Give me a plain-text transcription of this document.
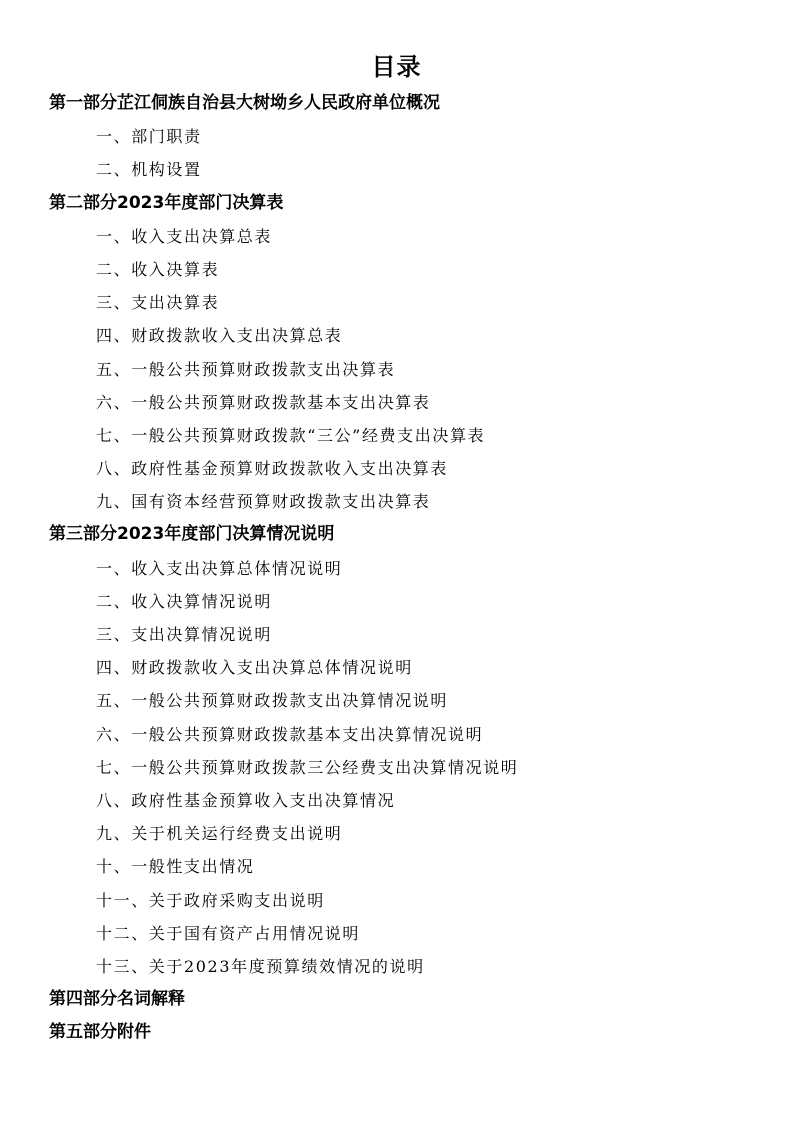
目录
第一部分芷江侗族自治县大树坳乡人民政府单位概况
一、部门职责
二、机构设置
第二部分2023年度部门决算表
一、收入支出决算总表
二、收入决算表
三、支出决算表
四、财政拨款收入支出决算总表
五、一般公共预算财政拨款支出决算表
六、一般公共预算财政拨款基本支出决算表
七、一般公共预算财政拨款“三公”经费支出决算表
八、政府性基金预算财政拨款收入支出决算表
九、国有资本经营预算财政拨款支出决算表
第三部分2023年度部门决算情况说明
一、收入支出决算总体情况说明
二、收入决算情况说明
三、支出决算情况说明
四、财政拨款收入支出决算总体情况说明
五、一般公共预算财政拨款支出决算情况说明
六、一般公共预算财政拨款基本支出决算情况说明
七、一般公共预算财政拨款三公经费支出决算情况说明
八、政府性基金预算收入支出决算情况
九、关于机关运行经费支出说明
十、一般性支出情况
十一、关于政府采购支出说明
十二、关于国有资产占用情况说明
十三、关于2023年度预算绩效情况的说明
第四部分名词解释
第五部分附件
